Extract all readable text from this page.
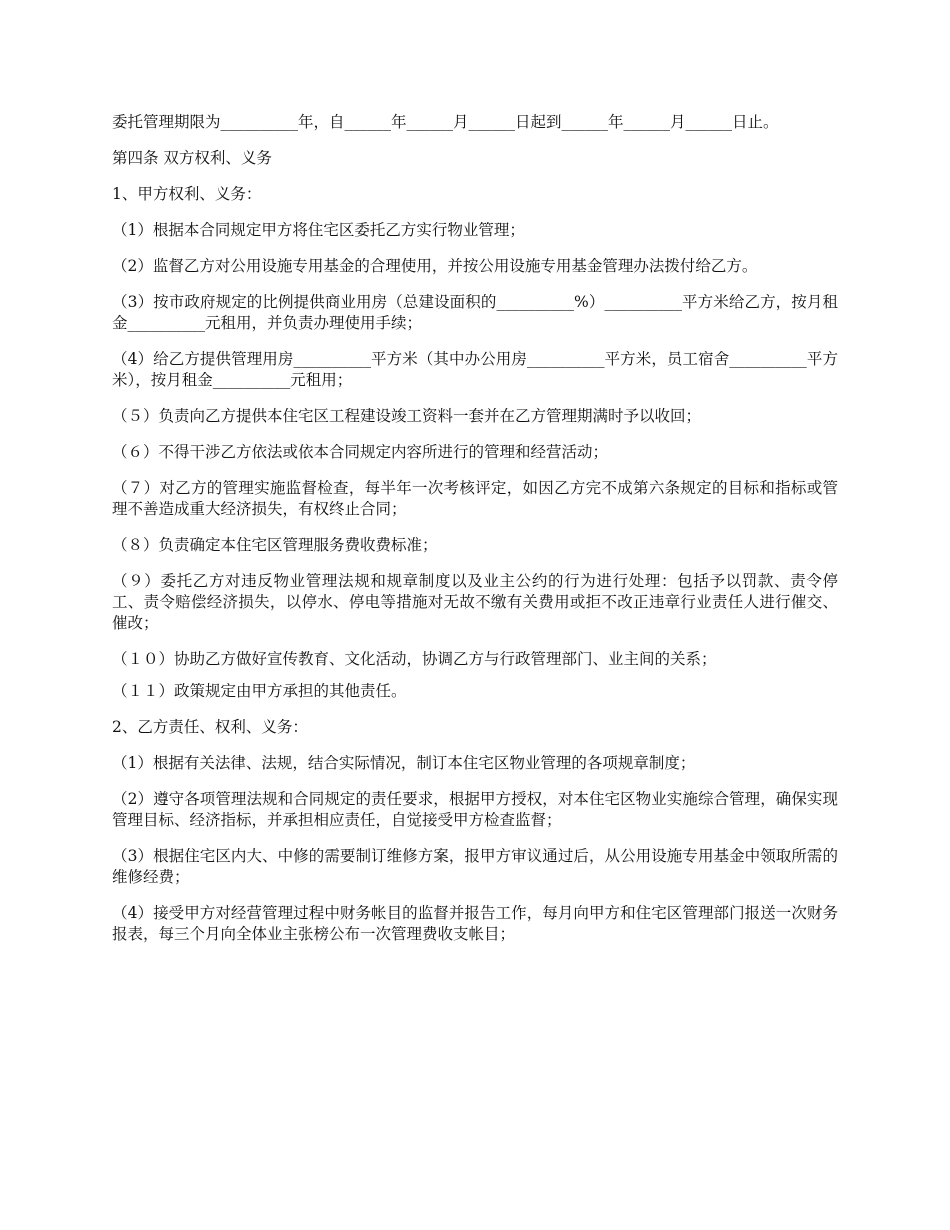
委托管理期限为__________年，自______年______月______日起到______年______月______日止。

第四条 双方权利、义务

1、甲方权利、义务：

（1）根据本合同规定甲方将住宅区委托乙方实行物业管理；

（2）监督乙方对公用设施专用基金的合理使用，并按公用设施专用基金管理办法拨付给乙方。

（3）按市政府规定的比例提供商业用房（总建设面积的__________%）__________平方米给乙方，按月租金__________元租用，并负责办理使用手续；

（4）给乙方提供管理用房__________平方米（其中办公用房__________平方米，员工宿舍__________平方米），按月租金__________元租用；

（５）负责向乙方提供本住宅区工程建设竣工资料一套并在乙方管理期满时予以收回；

（６）不得干涉乙方依法或依本合同规定内容所进行的管理和经营活动；

（７）对乙方的管理实施监督检查，每半年一次考核评定，如因乙方完不成第六条规定的目标和指标或管理不善造成重大经济损失，有权终止合同；

（８）负责确定本住宅区管理服务费收费标准；

（９）委托乙方对违反物业管理法规和规章制度以及业主公约的行为进行处理：包括予以罚款、责令停工、责令赔偿经济损失，以停水、停电等措施对无故不缴有关费用或拒不改正违章行业责任人进行催交、催改；

（１０）协助乙方做好宣传教育、文化活动，协调乙方与行政管理部门、业主间的关系；

（１１）政策规定由甲方承担的其他责任。

2、乙方责任、权利、义务：

（1）根据有关法律、法规，结合实际情况，制订本住宅区物业管理的各项规章制度；

（2）遵守各项管理法规和合同规定的责任要求，根据甲方授权，对本住宅区物业实施综合管理，确保实现管理目标、经济指标，并承担相应责任，自觉接受甲方检查监督；

（3）根据住宅区内大、中修的需要制订维修方案，报甲方审议通过后，从公用设施专用基金中领取所需的维修经费；

（4）接受甲方对经营管理过程中财务帐目的监督并报告工作，每月向甲方和住宅区管理部门报送一次财务报表，每三个月向全体业主张榜公布一次管理费收支帐目；
